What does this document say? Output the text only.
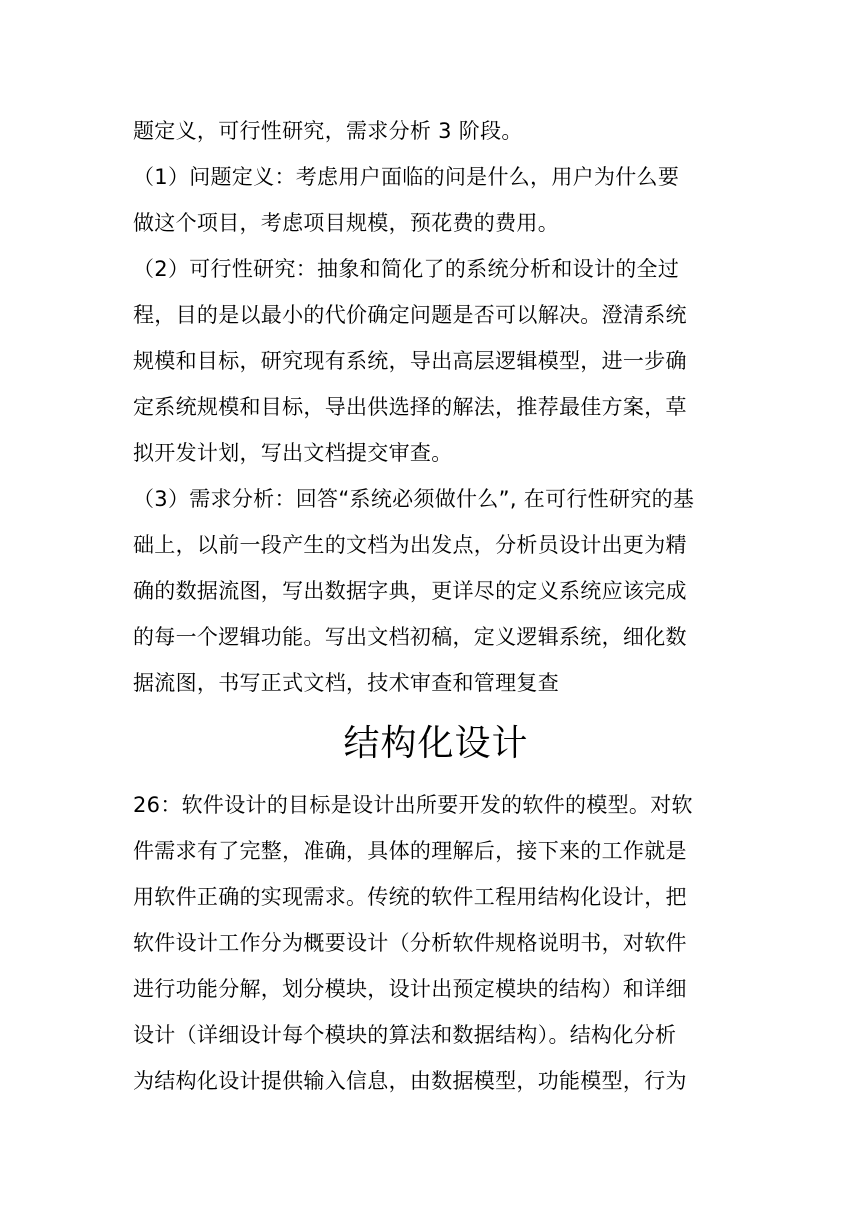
题定义，可行性研究，需求分析 3 阶段。
（1）问题定义：考虑用户面临的问是什么，用户为什么要
做这个项目，考虑项目规模，预花费的费用。
（2）可行性研究：抽象和简化了的系统分析和设计的全过
程，目的是以最小的代价确定问题是否可以解决。澄清系统
规模和目标，研究现有系统，导出高层逻辑模型，进一步确
定系统规模和目标，导出供选择的解法，推荐最佳方案，草
拟开发计划，写出文档提交审查。
（3）需求分析：回答“系统必须做什么”, 在可行性研究的基
础上，以前一段产生的文档为出发点，分析员设计出更为精
确的数据流图，写出数据字典，更详尽的定义系统应该完成
的每一个逻辑功能。写出文档初稿，定义逻辑系统，细化数
据流图，书写正式文档，技术审查和管理复查
结构化设计
26：软件设计的目标是设计出所要开发的软件的模型。对软
件需求有了完整，准确，具体的理解后，接下来的工作就是
用软件正确的实现需求。传统的软件工程用结构化设计，把
软件设计工作分为概要设计（分析软件规格说明书，对软件
进行功能分解，划分模块，设计出预定模块的结构）和详细
设计（详细设计每个模块的算法和数据结构）。结构化分析
为结构化设计提供输入信息，由数据模型，功能模型，行为
